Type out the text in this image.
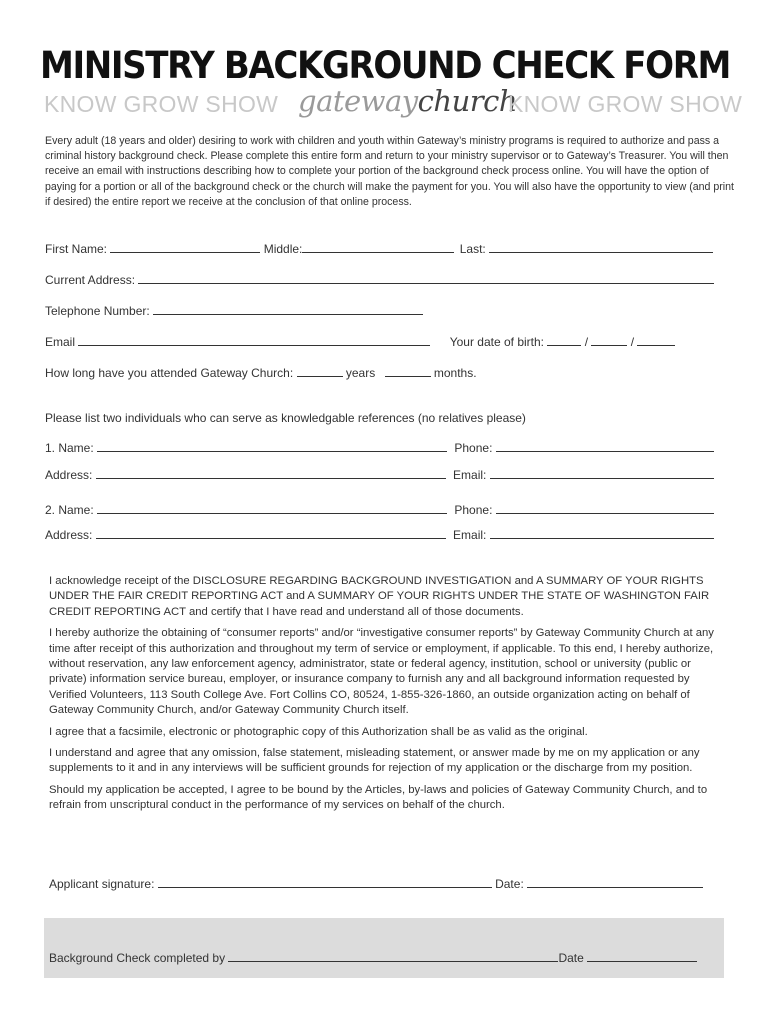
MINISTRY BACKGROUND CHECK FORM
KNOW GROW SHOW gatewaychurch
KNOW GROW SHOW
Every adult (18 years and older) desiring to work with children and youth within Gateway’s ministry programs is required to authorize and pass a criminal history background check. Please complete this entire form and return to your ministry supervisor or to Gateway’s Treasurer. You will then receive an email with instructions describing how to complete your portion of the background check process online. You will have the option of paying for a portion or all of the background check or the church will make the payment for you. You will also have the opportunity to view (and print if desired) the entire report we receive at the conclusion of that online process.
First Name:	Middle:	Last:
Current Address:
Telephone Number:
Email	Your date of birth:	/	/
How long have you attended Gateway Church:	years	months.
Please list two individuals who can serve as knowledgable references (no relatives please)
1. Name:	Phone:
Address:	Email:
2. Name:	Phone:
Address:	Email:

I acknowledge receipt of the DISCLOSURE REGARDING BACKGROUND INVESTIGATION and A SUMMARY OF YOUR RIGHTS UNDER THE FAIR CREDIT REPORTING ACT and A SUMMARY OF YOUR RIGHTS UNDER THE STATE OF WASHINGTON FAIR CREDIT REPORTING ACT and certify that I have read and understand all of those documents.

I hereby authorize the obtaining of “consumer reports” and/or “investigative consumer reports” by Gateway Community Church at any time after receipt of this authorization and throughout my term of service or employment, if applicable. To this end, I hereby authorize, without reservation, any law enforcement agency, administrator, state or federal agency, institution, school or university (public or private) information service bureau, employer, or insurance company to furnish any and all background information requested by Verified Volunteers, 113 South College Ave. Fort Collins CO, 80524, 1-855-326-1860, an outside organization acting on behalf of Gateway Community Church, and/or Gateway Community Church itself.

I agree that a facsimile, electronic or photographic copy of this Authorization shall be as valid as the original.

I understand and agree that any omission, false statement, misleading statement, or answer made by me on my application or any supplements to it and in any interviews will be sufficient grounds for rejection of my application or the discharge from my position.

Should my application be accepted, I agree to be bound by the Articles, by-laws and policies of Gateway Community Church, and to refrain from unscriptural conduct in the performance of my services on behalf of the church.

Applicant signature:	Date:
Background Check completed by	Date
